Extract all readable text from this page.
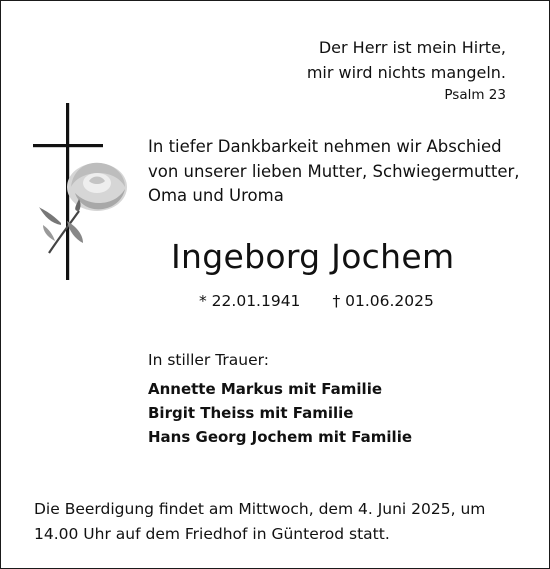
Der Herr ist mein Hirte,
mir wird nichts mangeln.
Psalm 23
In tiefer Dankbarkeit nehmen wir Abschied
von unserer lieben Mutter, Schwiegermutter,
Oma und Uroma
Ingeborg Jochem
* 22.01.1941 † 01.06.2025
In stiller Trauer:
Annette Markus mit Familie
Birgit Theiss mit Familie
Hans Georg Jochem mit Familie
Die Beerdigung findet am Mittwoch, dem 4. Juni 2025, um
14.00 Uhr auf dem Friedhof in Günterod statt.
